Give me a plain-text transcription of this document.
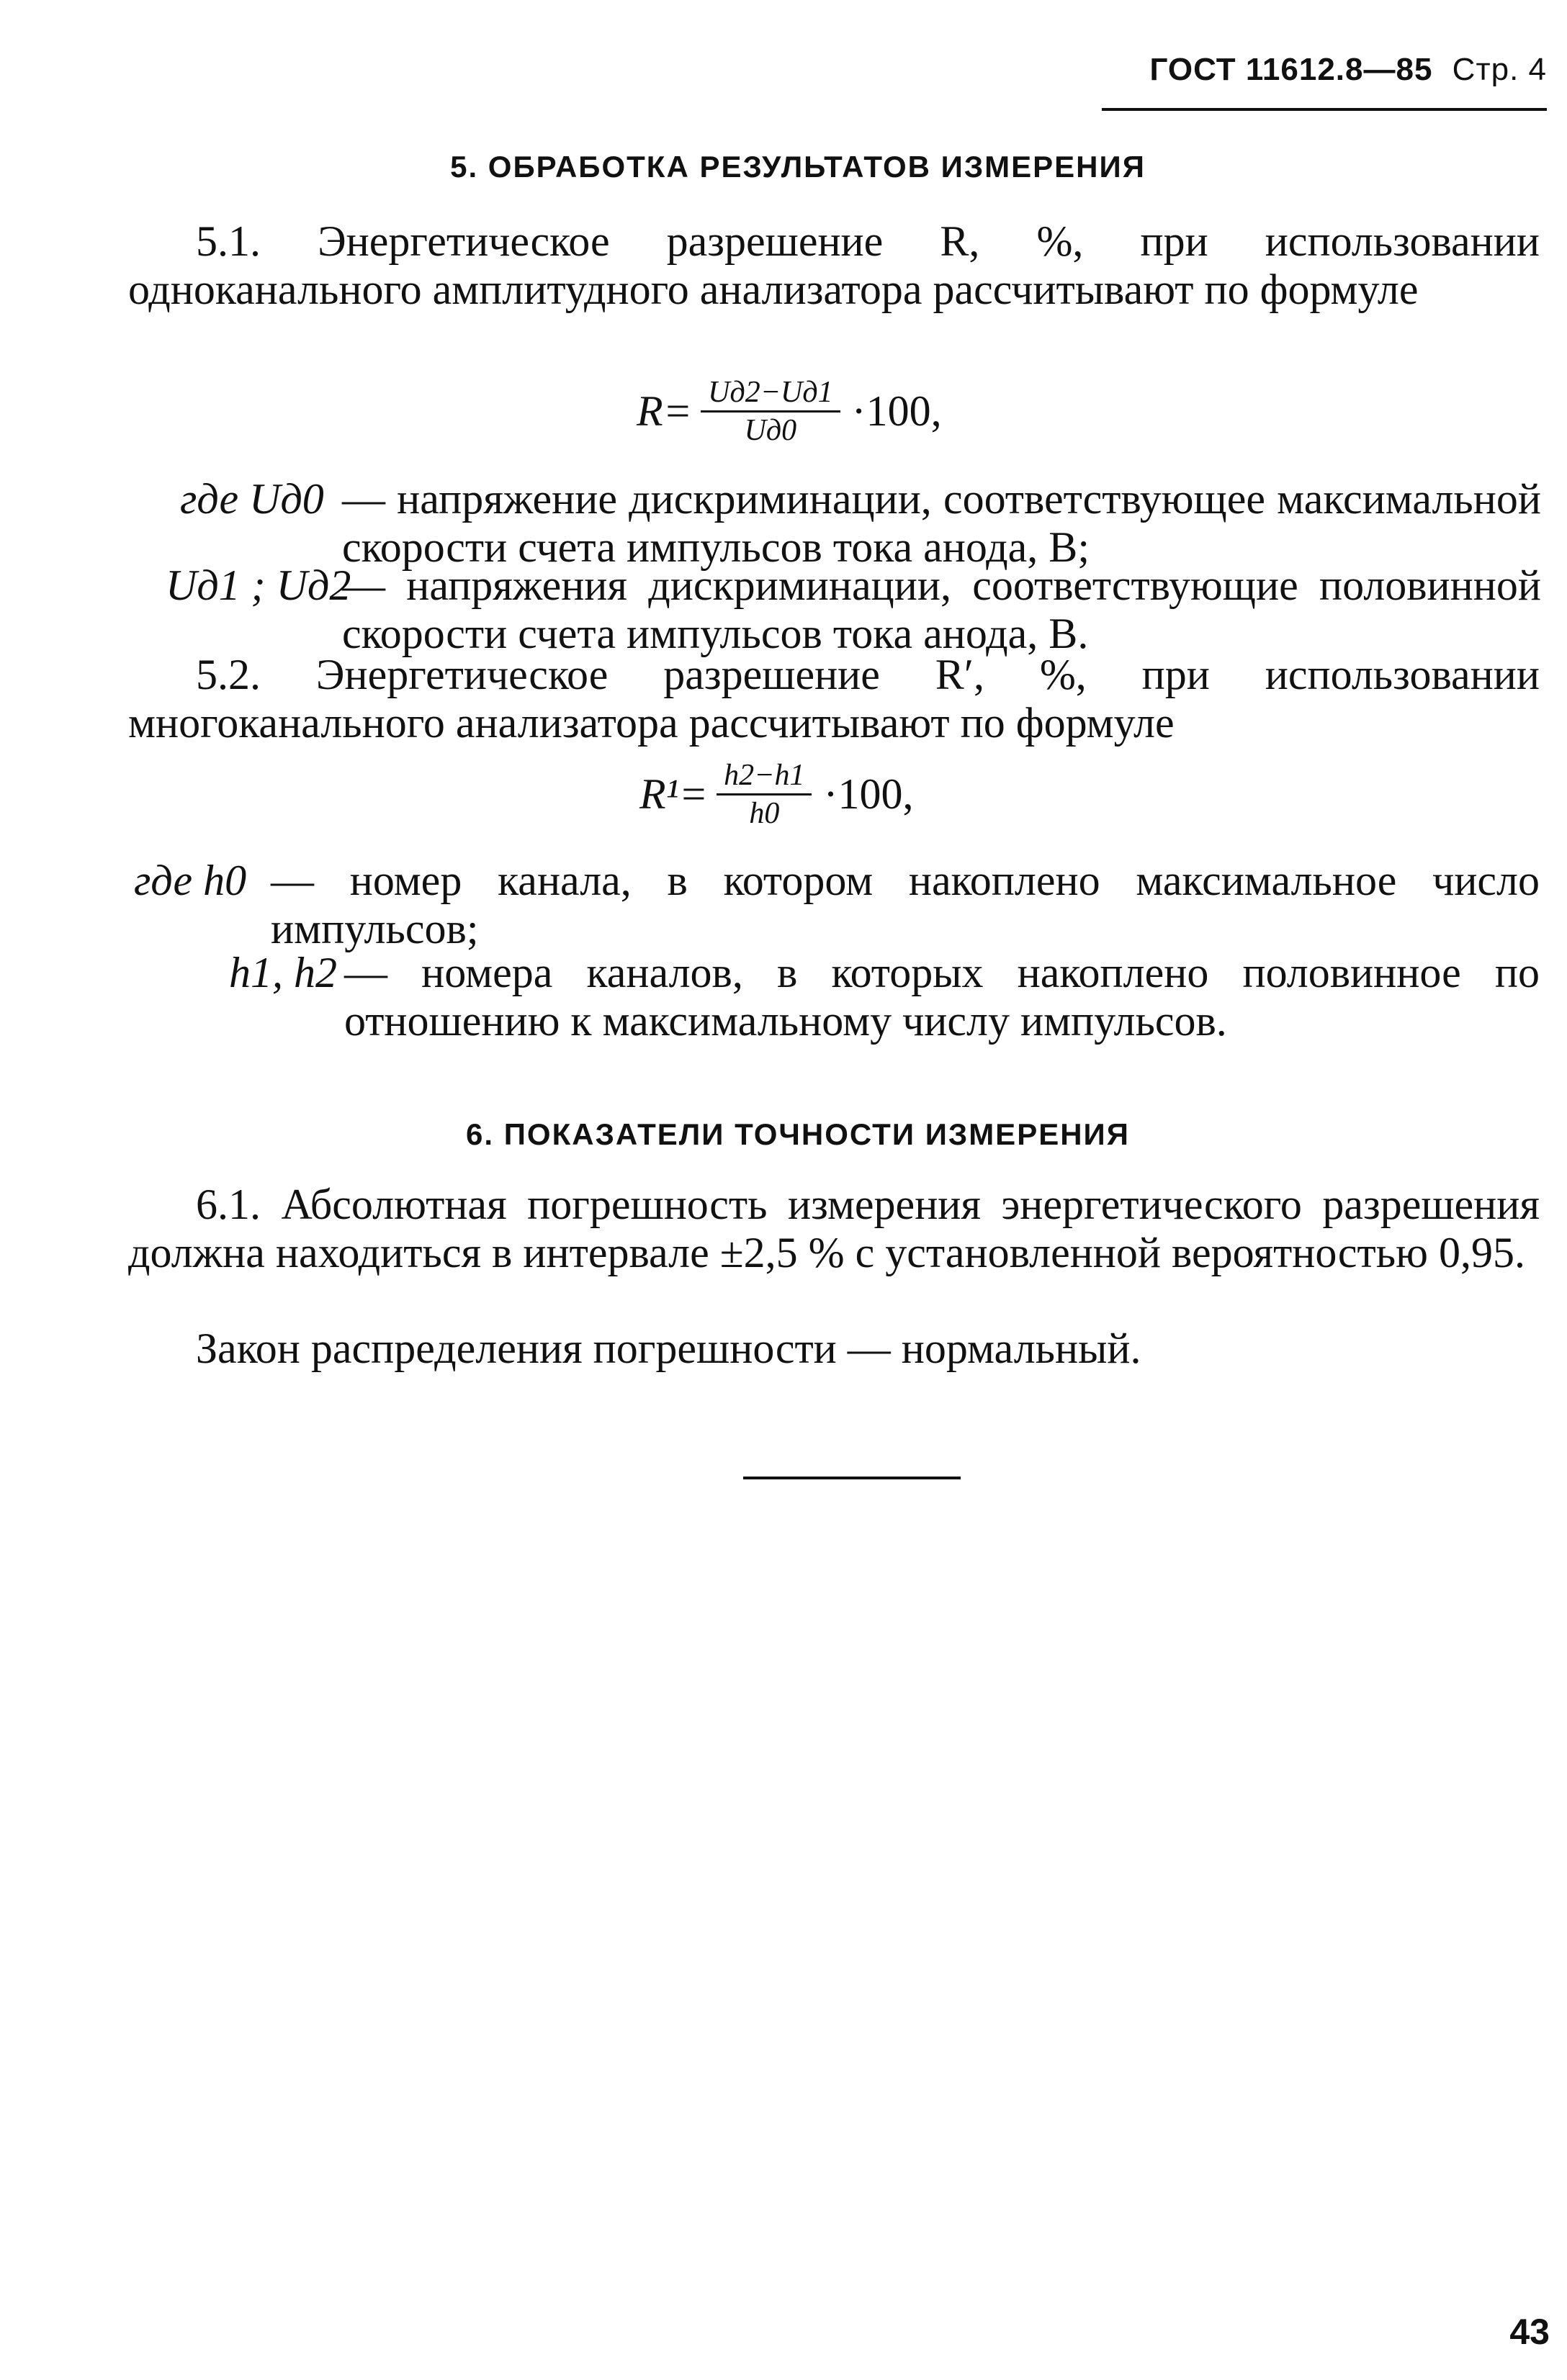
ГОСТ 11612.8—85 Стр. 4
5. ОБРАБОТКА РЕЗУЛЬТАТОВ ИЗМЕРЕНИЯ
5.1. Энергетическое разрешение R, %, при использовании одноканального амплитудного анализатора рассчитывают по формуле
$R= \frac{Uд2-Uд1}{Uд0} \cdot 100$,
где Uд0 — напряжение дискриминации, соответствующее максимальной скорости счета импульсов тока анода, В;
Uд1 ; Uд2
— напряжения дискриминации, соответствующие половинной скорости счета импульсов тока анода, В.
5.2. Энергетическое разрешение R′, %, при использовании многоканального анализатора рассчитывают по формуле
$R^1= \frac{h2-h1}{h0} \cdot 100$,
где h0 — номер канала, в котором накоплено максимальное число импульсов;
h1, h2 — номера каналов, в которых накоплено половинное по отношению к максимальному числу импульсов.
6. ПОКАЗАТЕЛИ ТОЧНОСТИ ИЗМЕРЕНИЯ
6.1. Абсолютная погрешность измерения энергетического разрешения должна находиться в интервале ±2,5 % с установленной вероятностью 0,95.
Закон распределения погрешности — нормальный.
43
